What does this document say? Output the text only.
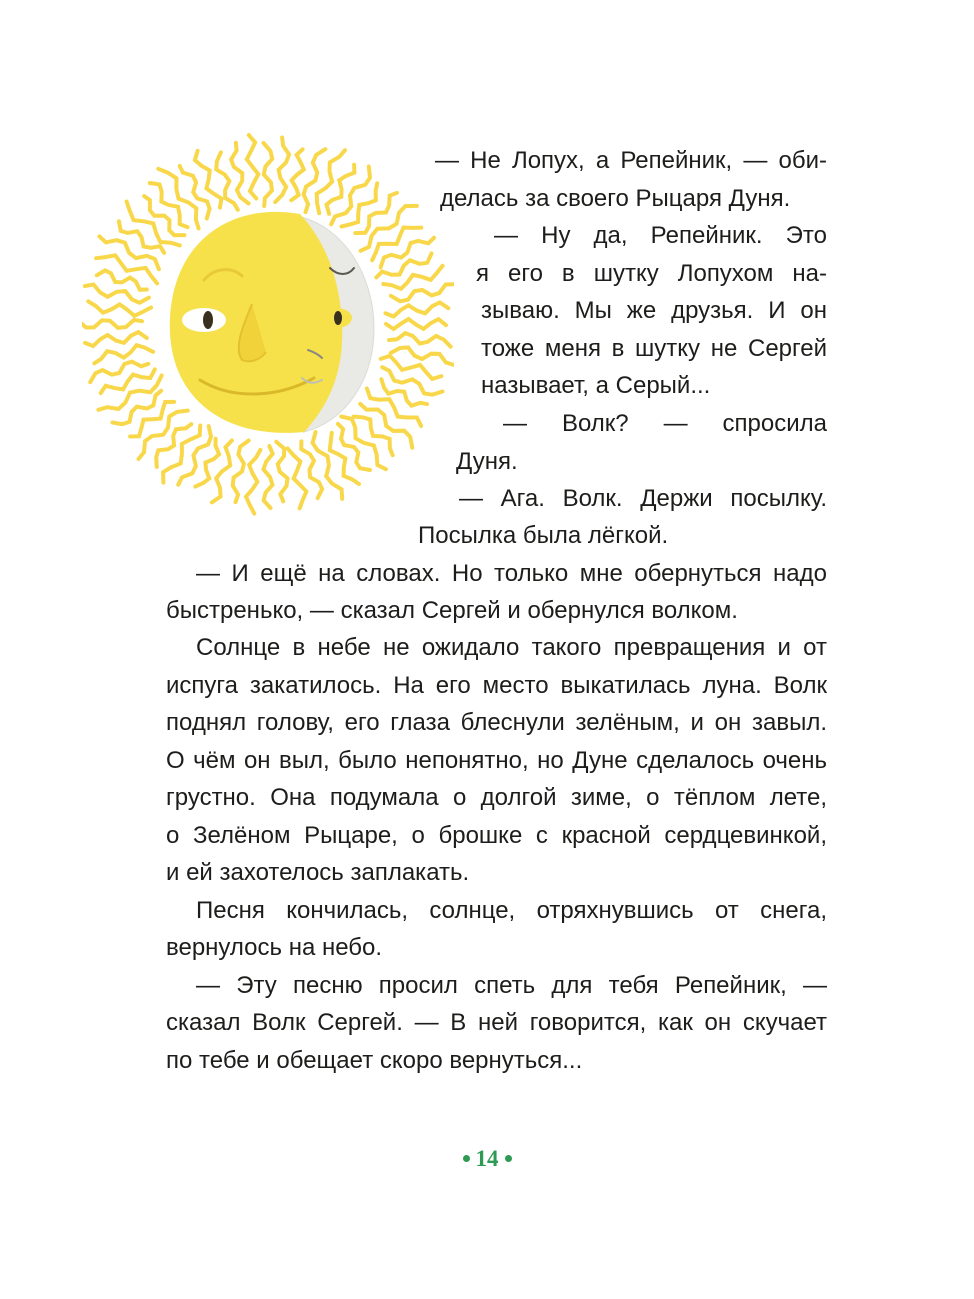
— Не Лопух, а Репейник, — оби-
делась за своего Рыцаря Дуня.
— Ну да, Репейник. Это
я его в шутку Лопухом на-
зываю. Мы же друзья. И он
тоже меня в шутку не Сергей
называет, а Серый...
— Волк? — спросила
Дуня.
— Ага. Волк. Держи посылку.
Посылка была лёгкой.
— И ещё на словах. Но только мне обернуться надо
быстренько, — сказал Сергей и обернулся волком.
Солнце в небе не ожидало такого превращения и от
испуга закатилось. На его место выкатилась луна. Волк
поднял голову, его глаза блеснули зелёным, и он завыл.
О чём он выл, было непонятно, но Дуне сделалось очень
грустно. Она подумала о долгой зиме, о тёплом лете,
о Зелёном Рыцаре, о брошке с красной сердцевинкой,
и ей захотелось заплакать.
Песня кончилась, солнце, отряхнувшись от снега,
вернулось на небо.
— Эту песню просил спеть для тебя Репейник, —
сказал Волк Сергей. — В ней говорится, как он скучает
по тебе и обещает скоро вернуться...
14
